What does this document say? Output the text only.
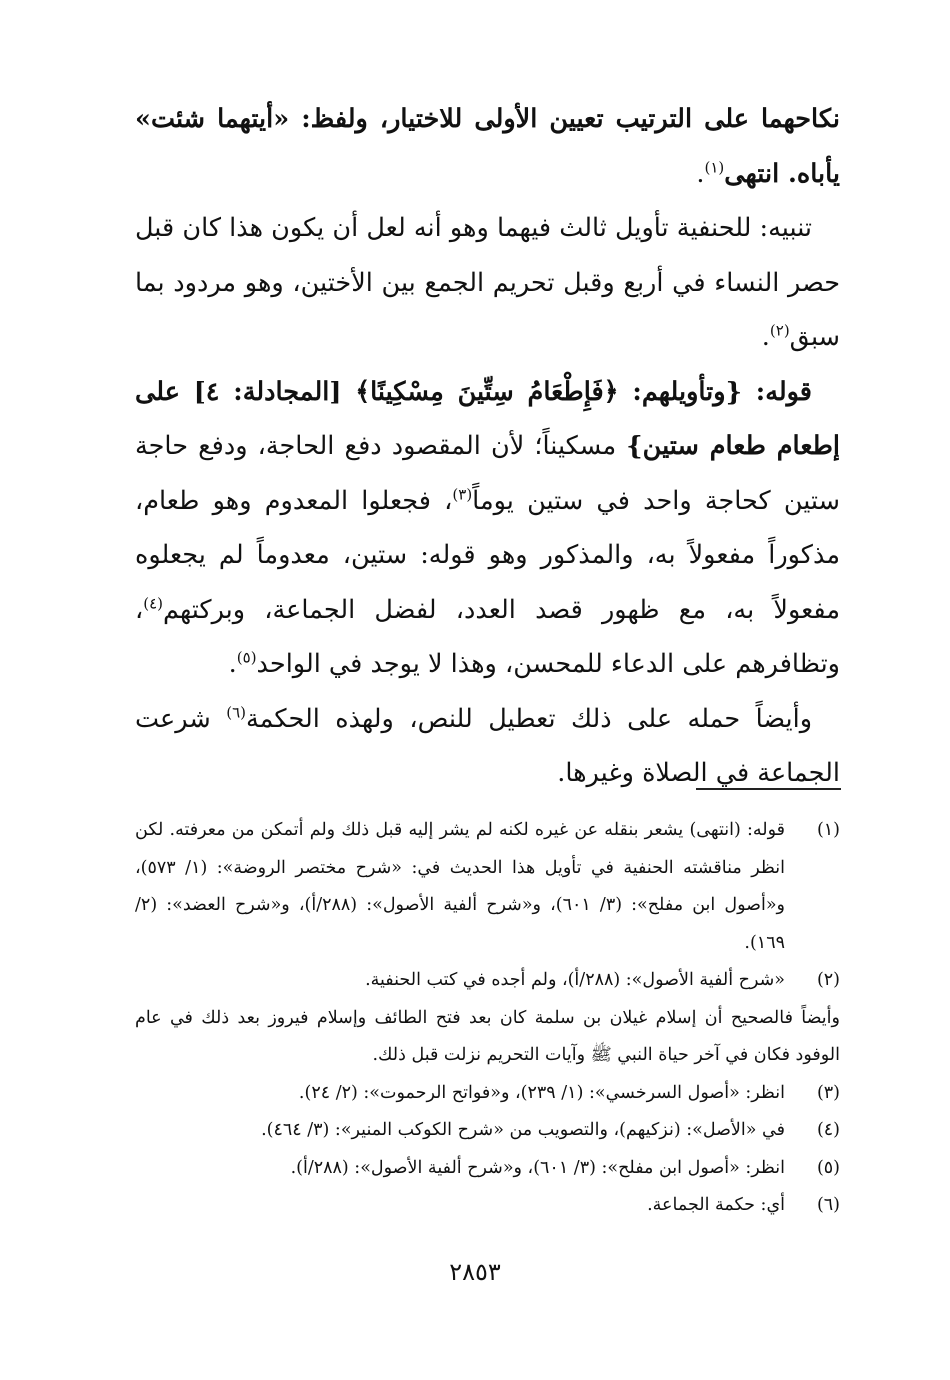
نكاحهما على الترتيب تعيين الأولى للاختيار، ولفظ: «أيتهما شئت» يأباه. انتهى$^{(١)}$.

تنبيه: للحنفية تأويل ثالث فيهما وهو أنه لعل أن يكون هذا كان قبل حصر النساء في أربع وقبل تحريم الجمع بين الأختين، وهو مردود بما سبق$^{(٢)}$.

قوله: {وتأويلهم: ﴿فَإِطْعَامُ سِتِّينَ مِسْكِينًا﴾ [المجادلة: ٤] على إطعام طعام ستين} مسكيناً؛ لأن المقصود دفع الحاجة، ودفع حاجة ستين كحاجة واحد في ستين يوماً$^{(٣)}$، فجعلوا المعدوم وهو طعام، مذكوراً مفعولاً به، والمذكور وهو قوله: ستين، معدوماً لم يجعلوه مفعولاً به، مع ظهور قصد العدد، لفضل الجماعة، وبركتهم$^{(٤)}$، وتظافرهم على الدعاء للمحسن، وهذا لا يوجد في الواحد$^{(٥)}$.

وأيضاً حمله على ذلك تعطيل للنص، ولهذه الحكمة$^{(٦)}$ شرعت الجماعة في الصلاة وغيرها.

(١)
قوله: (انتهى) يشعر بنقله عن غيره لكنه لم يشر إليه قبل ذلك ولم أتمكن من معرفته. لكن انظر مناقشته الحنفية في تأويل هذا الحديث في: «شرح مختصر الروضة»: (١/ ٥٧٣)، و«أصول ابن مفلح»: (٣/ ٦٠١)، و«شرح ألفية الأصول»: (٢٨٨/أ)، و«شرح العضد»: (٢/ ١٦٩).
(٢)
«شرح ألفية الأصول»: (٢٨٨/أ)، ولم أجده في كتب الحنفية.
وأيضاً فالصحيح أن إسلام غيلان بن سلمة كان بعد فتح الطائف وإسلام فيروز بعد ذلك في عام الوفود فكان في آخر حياة النبي ﷺ وآيات التحريم نزلت قبل ذلك.
(٣)
انظر: «أصول السرخسي»: (١/ ٢٣٩)، و«فواتح الرحموت»: (٢/ ٢٤).
(٤)
في «الأصل»: (نزكيهم)، والتصويب من «شرح الكوكب المنير»: (٣/ ٤٦٤).
(٥)
انظر: «أصول ابن مفلح»: (٣/ ٦٠١)، و«شرح ألفية الأصول»: (٢٨٨/أ).
(٦)
أي: حكمة الجماعة.
٢٨٥٣
